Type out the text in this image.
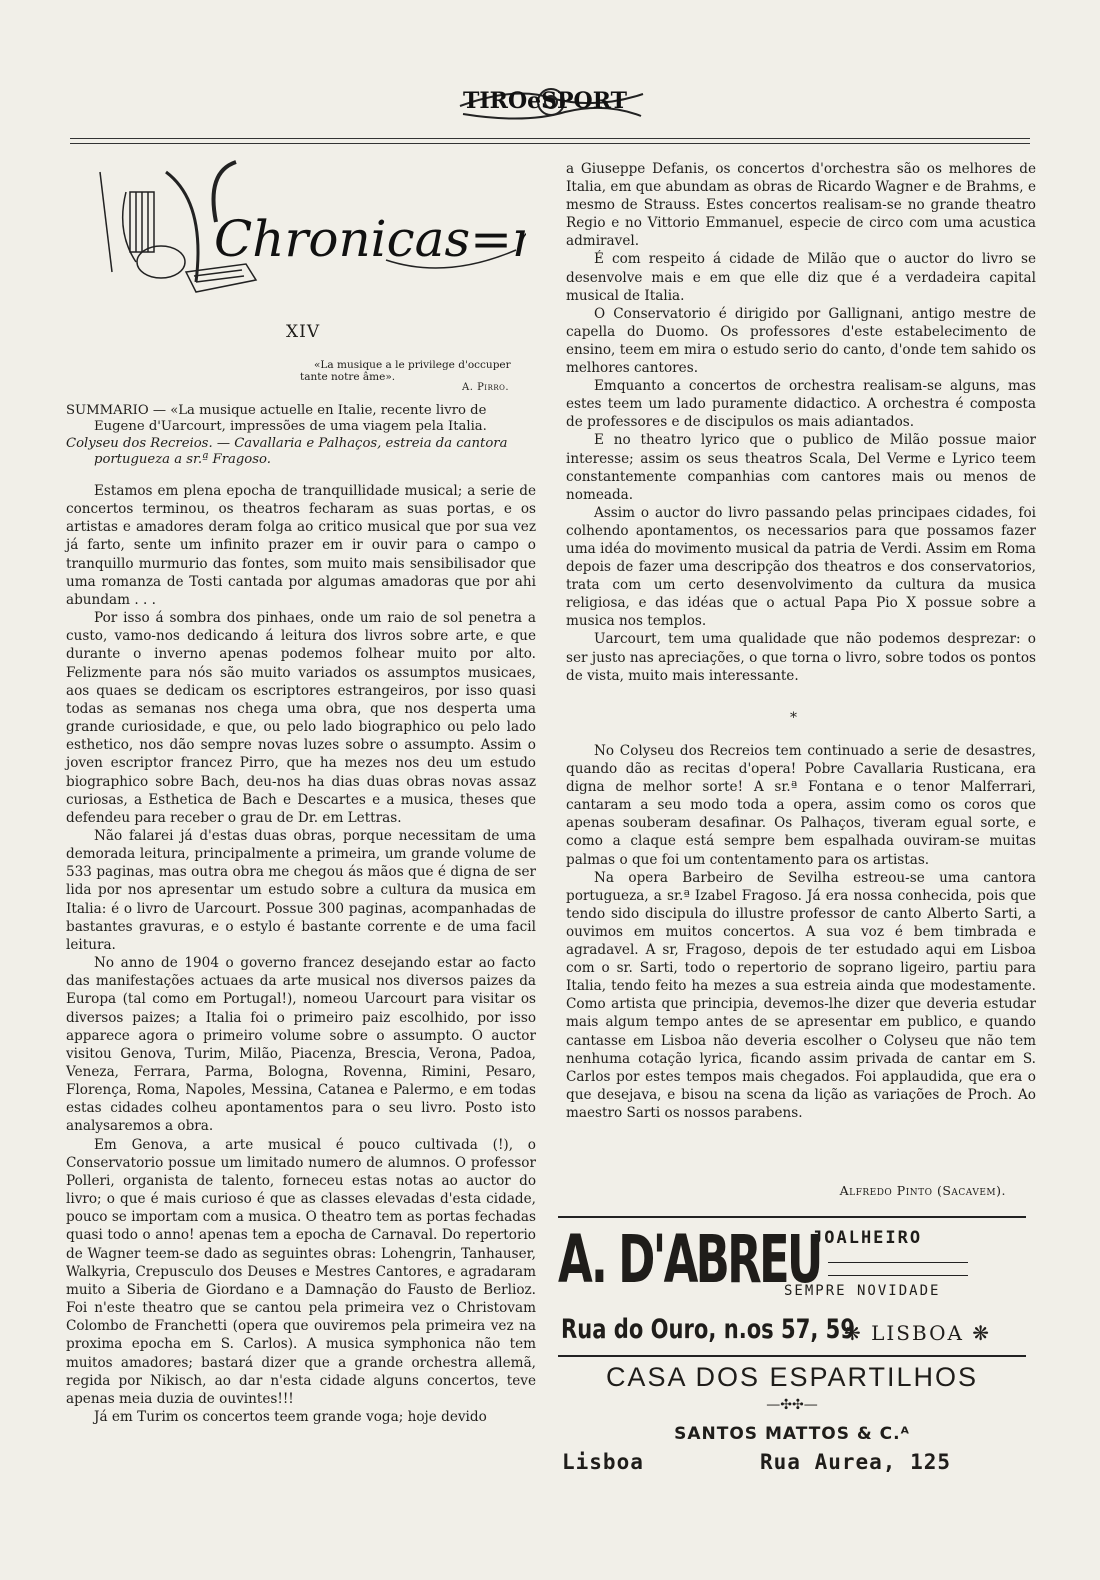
TIROeSPORT
Chronicas=
XIV
«La musique a le privilege d'occuper tante notre âme».
A. Pirro.

SUMMARIO — «La musique actuelle en Italie, recente livro de Eugene d'Uarcourt, impressões de uma viagem pela Italia.

Colyseu dos Recreios. — Cavallaria e Palhaços, estreia da cantora portugueza a sr.ª Fragoso.

Estamos em plena epocha de tranquillidade musical; a serie de concertos terminou, os theatros fecharam as suas portas, e os artistas e amadores deram folga ao critico musical que por sua vez já farto, sente um infinito prazer em ir ouvir para o campo o tranquillo murmurio das fontes, som muito mais sensibilisador que uma romanza de Tosti cantada por algumas amadoras que por ahi abundam . . .

Por isso á sombra dos pinhaes, onde um raio de sol penetra a custo, vamo-nos dedicando á leitura dos livros sobre arte, e que durante o inverno apenas podemos folhear muito por alto. Felizmente para nós são muito variados os assumptos musicaes, aos quaes se dedicam os escriptores estrangeiros, por isso quasi todas as semanas nos chega uma obra, que nos desperta uma grande curiosidade, e que, ou pelo lado biographico ou pelo lado esthetico, nos dão sempre novas luzes sobre o assumpto. Assim o joven escriptor francez Pirro, que ha mezes nos deu um estudo biographico sobre Bach, deu-nos ha dias duas obras novas assaz curiosas, a Esthetica de Bach e Descartes e a musica, theses que defendeu para receber o grau de Dr. em Lettras.

Não falarei já d'estas duas obras, porque necessitam de uma demorada leitura, principalmente a primeira, um grande volume de 533 paginas, mas outra obra me chegou ás mãos que é digna de ser lida por nos apresentar um estudo sobre a cultura da musica em Italia: é o livro de Uarcourt. Possue 300 paginas, acompanhadas de bastantes gravuras, e o estylo é bastante corrente e de uma facil leitura.

No anno de 1904 o governo francez desejando estar ao facto das manifestações actuaes da arte musical nos diversos paizes da Europa (tal como em Portugal!), nomeou Uarcourt para visitar os diversos paizes; a Italia foi o primeiro paiz escolhido, por isso apparece agora o primeiro volume sobre o assumpto. O auctor visitou Genova, Turim, Milão, Piacenza, Brescia, Verona, Padoa, Veneza, Ferrara, Parma, Bologna, Rovenna, Rimini, Pesaro, Florença, Roma, Napoles, Messina, Catanea e Palermo, e em todas estas cidades colheu apontamentos para o seu livro. Posto isto analysaremos a obra.

Em Genova, a arte musical é pouco cultivada (!), o Conservatorio possue um limitado numero de alumnos. O professor Polleri, organista de talento, forneceu estas notas ao auctor do livro; o que é mais curioso é que as classes elevadas d'esta cidade, pouco se importam com a musica. O theatro tem as portas fechadas quasi todo o anno! apenas tem a epocha de Carnaval. Do repertorio de Wagner teem-se dado as seguintes obras: Lohengrin, Tanhauser, Walkyria, Crepusculo dos Deuses e Mestres Cantores, e agradaram muito a Siberia de Giordano e a Damnação do Fausto de Berlioz. Foi n'este theatro que se cantou pela primeira vez o Christovam Colombo de Franchetti (opera que ouviremos pela primeira vez na proxima epocha em S. Carlos). A musica symphonica não tem muitos amadores; bastará dizer que a grande orchestra allemã, regida por Nikisch, ao dar n'esta cidade alguns concertos, teve apenas meia duzia de ouvintes!!!

Já em Turim os concertos teem grande voga; hoje devido

a Giuseppe Defanis, os concertos d'orchestra são os melhores de Italia, em que abundam as obras de Ricardo Wagner e de Brahms, e mesmo de Strauss. Estes concertos realisam-se no grande theatro Regio e no Vittorio Emmanuel, especie de circo com uma acustica admiravel.

É com respeito á cidade de Milão que o auctor do livro se desenvolve mais e em que elle diz que é a verdadeira capital musical de Italia.

O Conservatorio é dirigido por Gallignani, antigo mestre de capella do Duomo. Os professores d'este estabelecimento de ensino, teem em mira o estudo serio do canto, d'onde tem sahido os melhores cantores.

Emquanto a concertos de orchestra realisam-se alguns, mas estes teem um lado puramente didactico. A orchestra é composta de professores e de discipulos os mais adiantados.

E no theatro lyrico que o publico de Milão possue maior interesse; assim os seus theatros Scala, Del Verme e Lyrico teem constantemente companhias com cantores mais ou menos de nomeada.

Assim o auctor do livro passando pelas principaes cidades, foi colhendo apontamentos, os necessarios para que possamos fazer uma idéa do movimento musical da patria de Verdi. Assim em Roma depois de fazer uma descripção dos theatros e dos conservatorios, trata com um certo desenvolvimento da cultura da musica religiosa, e das idéas que o actual Papa Pio X possue sobre a musica nos templos.

Uarcourt, tem uma qualidade que não podemos desprezar: o ser justo nas apreciações, o que torna o livro, sobre todos os pontos de vista, muito mais interessante.

*

No Colyseu dos Recreios tem continuado a serie de desastres, quando dão as recitas d'opera! Pobre Cavallaria Rusticana, era digna de melhor sorte! A sr.ª Fontana e o tenor Malferrari, cantaram a seu modo toda a opera, assim como os coros que apenas souberam desafinar. Os Palhaços, tiveram egual sorte, e como a claque está sempre bem espalhada ouviram-se muitas palmas o que foi um contentamento para os artistas.

Na opera Barbeiro de Sevilha estreou-se uma cantora portugueza, a sr.ª Izabel Fragoso. Já era nossa conhecida, pois que tendo sido discipula do illustre professor de canto Alberto Sarti, a ouvimos em muitos concertos. A sua voz é bem timbrada e agradavel. A sr, Fragoso, depois de ter estudado aqui em Lisboa com o sr. Sarti, todo o repertorio de soprano ligeiro, partiu para Italia, tendo feito ha mezes a sua estreia ainda que modestamente. Como artista que principia, devemos-lhe dizer que deveria estudar mais algum tempo antes de se apresentar em publico, e quando cantasse em Lisboa não deveria escolher o Colyseu que não tem nenhuma cotação lyrica, ficando assim privada de cantar em S. Carlos por estes tempos mais chegados. Foi applaudida, que era o que desejava, e bisou na scena da lição as variações de Proch. Ao maestro Sarti os nossos parabens.

Alfredo Pinto (Sacavem).
A. D'ABREU
JOALHEIRO
SEMPRE NOVIDADE
Rua do Ouro, n.os 57, 59
❋ LISBOA ❋
CASA DOS ESPARTILHOS
—✣✣—
SANTOS MATTOS & C.ᴬ
Lisboa	Rua Aurea, 125
